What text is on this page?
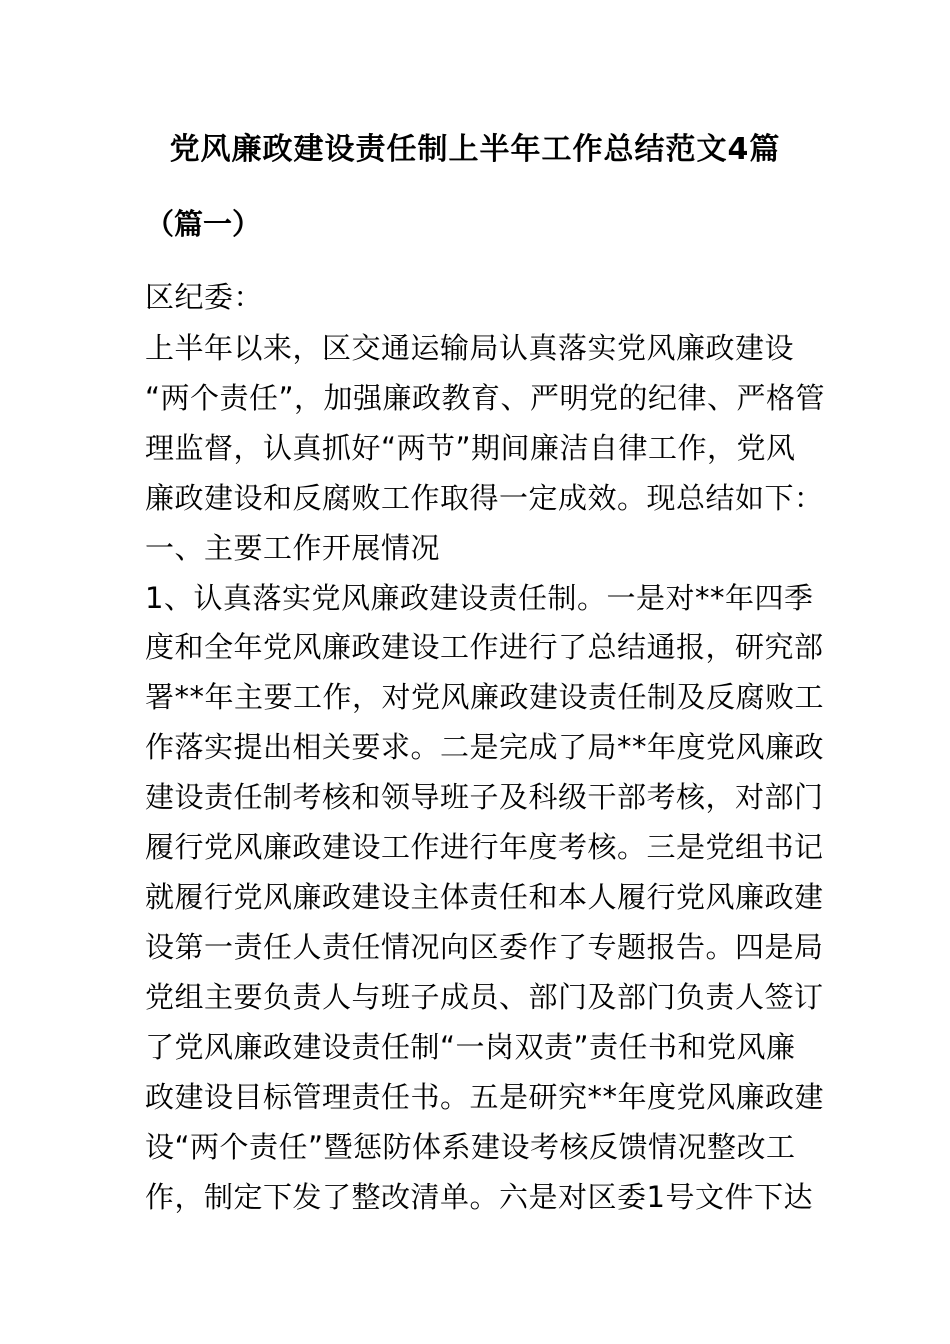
党风廉政建设责任制上半年工作总结范文4篇
（篇一）
区纪委：
上半年以来，区交通运输局认真落实党风廉政建设
“两个责任”，加强廉政教育、严明党的纪律、严格管
理监督，认真抓好“两节”期间廉洁自律工作，党风
廉政建设和反腐败工作取得一定成效。现总结如下：
一、主要工作开展情况
1、认真落实党风廉政建设责任制。一是对**年四季
度和全年党风廉政建设工作进行了总结通报，研究部
署**年主要工作，对党风廉政建设责任制及反腐败工
作落实提出相关要求。二是完成了局**年度党风廉政
建设责任制考核和领导班子及科级干部考核，对部门
履行党风廉政建设工作进行年度考核。三是党组书记
就履行党风廉政建设主体责任和本人履行党风廉政建
设第一责任人责任情况向区委作了专题报告。四是局
党组主要负责人与班子成员、部门及部门负责人签订
了党风廉政建设责任制“一岗双责”责任书和党风廉
政建设目标管理责任书。五是研究**年度党风廉政建
设“两个责任”暨惩防体系建设考核反馈情况整改工
作，制定下发了整改清单。六是对区委1号文件下达
